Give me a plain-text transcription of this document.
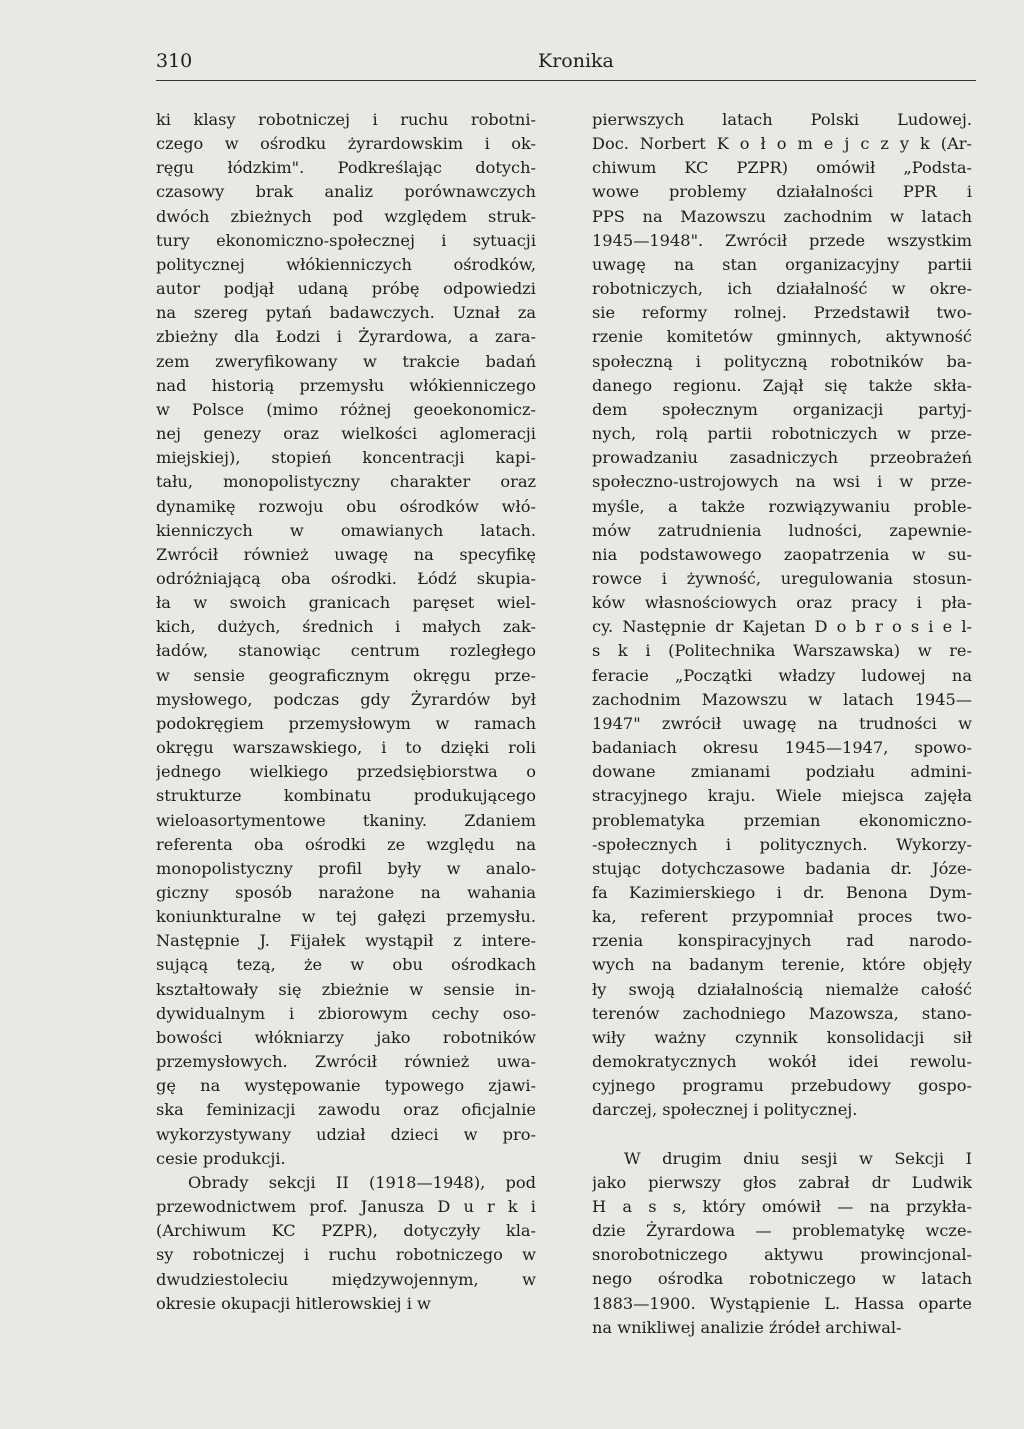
310	Kronika
ki klasy robotniczej i ruchu robotni-
czego w ośrodku żyrardowskim i ok-
ręgu łódzkim". Podkreślając dotych-
czasowy brak analiz porównawczych
dwóch zbieżnych pod względem struk-
tury ekonomiczno-społecznej i sytuacji
politycznej włókienniczych ośrodków,
autor podjął udaną próbę odpowiedzi
na szereg pytań badawczych. Uznał za
zbieżny dla Łodzi i Żyrardowa, a zara-
zem zweryfikowany w trakcie badań
nad historią przemysłu włókienniczego
w Polsce (mimo różnej geoekonomicz-
nej genezy oraz wielkości aglomeracji
miejskiej), stopień koncentracji kapi-
tału, monopolistyczny charakter oraz
dynamikę rozwoju obu ośrodków włó-
kienniczych w omawianych latach.
Zwrócił również uwagę na specyfikę
odróżniającą oba ośrodki. Łódź skupia-
ła w swoich granicach paręset wiel-
kich, dużych, średnich i małych zak-
ładów, stanowiąc centrum rozległego
w sensie geograficznym okręgu prze-
mysłowego, podczas gdy Żyrardów był
podokręgiem przemysłowym w ramach
okręgu warszawskiego, i to dzięki roli
jednego wielkiego przedsiębiorstwa o
strukturze kombinatu produkującego
wieloasortymentowe tkaniny. Zdaniem
referenta oba ośrodki ze względu na
monopolistyczny profil były w analo-
giczny sposób narażone na wahania
koniunkturalne w tej gałęzi przemysłu.
Następnie J. Fijałek wystąpił z intere-
sującą tezą, że w obu ośrodkach
kształtowały się zbieżnie w sensie in-
dywidualnym i zbiorowym cechy oso-
bowości włókniarzy jako robotników
przemysłowych. Zwrócił również uwa-
gę na występowanie typowego zjawi-
ska feminizacji zawodu oraz oficjalnie
wykorzystywany udział dzieci w pro-
cesie produkcji.
Obrady sekcji II (1918—1948), pod
przewodnictwem prof. Janusza D u r k i
(Archiwum KC PZPR), dotyczyły kla-
sy robotniczej i ruchu robotniczego w
dwudziestoleciu międzywojennym, w
okresie okupacji hitlerowskiej i w
pierwszych latach Polski Ludowej.
Doc. Norbert K o ł o m e j c z y k (Ar-
chiwum KC PZPR) omówił „Podsta-
wowe problemy działalności PPR i
PPS na Mazowszu zachodnim w latach
1945—1948". Zwrócił przede wszystkim
uwagę na stan organizacyjny partii
robotniczych, ich działalność w okre-
sie reformy rolnej. Przedstawił two-
rzenie komitetów gminnych, aktywność
społeczną i polityczną robotników ba-
danego regionu. Zajął się także skła-
dem społecznym organizacji partyj-
nych, rolą partii robotniczych w prze-
prowadzaniu zasadniczych przeobrażeń
społeczno-ustrojowych na wsi i w prze-
myśle, a także rozwiązywaniu proble-
mów zatrudnienia ludności, zapewnie-
nia podstawowego zaopatrzenia w su-
rowce i żywność, uregulowania stosun-
ków własnościowych oraz pracy i pła-
cy. Następnie dr Kajetan D o b r o s i e l-
s k i (Politechnika Warszawska) w re-
feracie „Początki władzy ludowej na
zachodnim Mazowszu w latach 1945—
1947" zwrócił uwagę na trudności w
badaniach okresu 1945—1947, spowo-
dowane zmianami podziału admini-
stracyjnego kraju. Wiele miejsca zajęła
problematyka przemian ekonomiczno-
-społecznych i politycznych. Wykorzy-
stując dotychczasowe badania dr. Józe-
fa Kazimierskiego i dr. Benona Dym-
ka, referent przypomniał proces two-
rzenia konspiracyjnych rad narodo-
wych na badanym terenie, które objęły
ły swoją działalnością niemalże całość
terenów zachodniego Mazowsza, stano-
wiły ważny czynnik konsolidacji sił
demokratycznych wokół idei rewolu-
cyjnego programu przebudowy gospo-
darczej, społecznej i politycznej.

W drugim dniu sesji w Sekcji I
jako pierwszy głos zabrał dr Ludwik
H a s s, który omówił — na przykła-
dzie Żyrardowa — problematykę wcze-
snorobotniczego aktywu prowincjonal-
nego ośrodka robotniczego w latach
1883—1900. Wystąpienie L. Hassa oparte
na wnikliwej analizie źródeł archiwal-
